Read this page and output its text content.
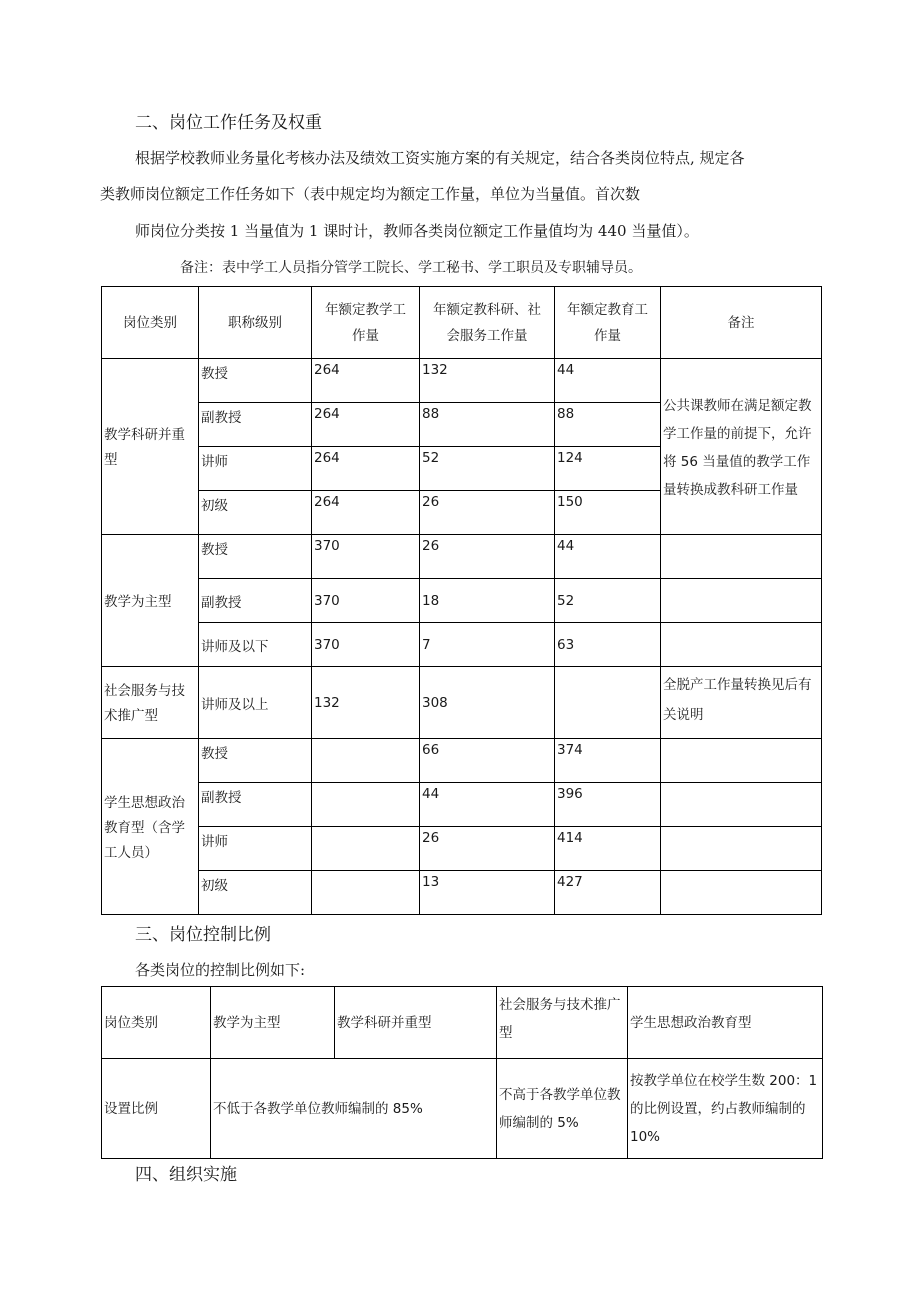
二、岗位工作任务及权重
根据学校教师业务量化考核办法及绩效工资实施方案的有关规定，结合各类岗位特点, 规定各
类教师岗位额定工作任务如下（表中规定均为额定工作量，单位为当量值。首次数
师岗位分类按 1 当量值为 1 课时计，教师各类岗位额定工作量值均为 440 当量值）。
备注：表中学工人员指分管学工院长、学工秘书、学工职员及专职辅导员。
岗位类别	职称级别	年额定教学工作量	年额定教科研、社会服务工作量	年额定教育工作量	备注
教学科研并重型	教授	264	132	44	公共课教师在满足额定教学工作量的前提下，允许将 56 当量值的教学工作量转换成教科研工作量
	副教授	264	88	88	
	讲师	264	52	124	
	初级	264	26	150	
教学为主型	教授	370	26	44	
	副教授	370	18	52	
	讲师及以下	370	7	63	
社会服务与技术推广型	讲师及以上	132	308		全脱产工作量转换见后有关说明
学生思想政治教育型（含学工人员）	教授		66	374	
	副教授		44	396	
	讲师		26	414	
	初级		13	427	
三、岗位控制比例
各类岗位的控制比例如下:
岗位类别	教学为主型	教学科研并重型	社会服务与技术推广型	学生思想政治教育型
设置比例	不低于各教学单位教师编制的 85%		不高于各教学单位教师编制的 5%	按教学单位在校学生数 200：1 的比例设置，约占教师编制的 10%
四、组织实施
